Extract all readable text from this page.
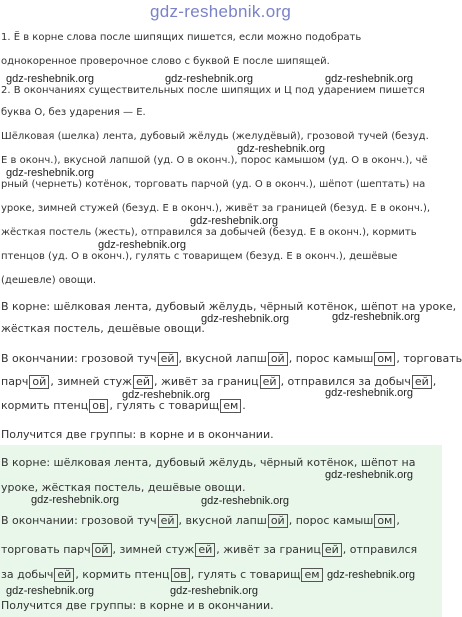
gdz-reshebnik.org
1. Ё в корне слова после шипящих пишется, если можно подобрать
однокоренное проверочное слово с буквой Е после шипящей.
gdz-reshebnik.org	gdz-reshebnik.org	gdz-reshebnik.org
2. В окончаниях существительных после шипящих и Ц под ударением пишется
буква О, без ударения — Е.
Шёлковая (шелка) лента, дубовый жёлудь (желудёвый), грозовой тучей (безуд.
gdz-reshebnik.org
Е в оконч.), вкусной лапшой (уд. О в оконч.), порос камышом (уд. О в оконч.), чё
gdz-reshebnik.org
рный (чернеть) котёнок, торговать парчой (уд. О в оконч.), шёпот (шептать) на
уроке, зимней стужей (безуд. Е в оконч.), живёт за границей (безуд. Е в оконч.),
gdz-reshebnik.org
жёсткая постель (жесть), отправился за добычей (безуд. Е в оконч.), кормить
gdz-reshebnik.org
птенцов (уд. О в оконч.), гулять с товарищем (безуд. Е в оконч.), дешёвые
(дешевле) овощи.
В корне: шёлковая лента, дубовый жёлудь, чёрный котёнок, шёпот на уроке,
жёсткая постель, дешёвые овощи.
gdz-reshebnik.org	gdz-reshebnik.org
В окончании: грозовой туч ей , вкусной лапш ой , порос камыш ом , торговать
парч ой , зимней стуж ей , живёт за границ ей , отправился за добыч ей ,
gdz-reshebnik.org	gdz-reshebnik.org
кормить птенц ов , гулять с товарищ ем .
Получится две группы: в корне и в окончании.
В корне: шёлковая лента, дубовый жёлудь, чёрный котёнок, шёпот на
gdz-reshebnik.org
уроке, жёсткая постель, дешёвые овощи.
gdz-reshebnik.org	gdz-reshebnik.org
В окончании: грозовой туч ей , вкусной лапш ой , порос камыш ом ,
торговать парч ой , зимней стуж ей , живёт за границ ей , отправился
за добыч ей , кормить птенц ов , гулять с товарищ ем gdz-reshebnik.org
gdz-reshebnik.org	gdz-reshebnik.org
Получится две группы: в корне и в окончании.
